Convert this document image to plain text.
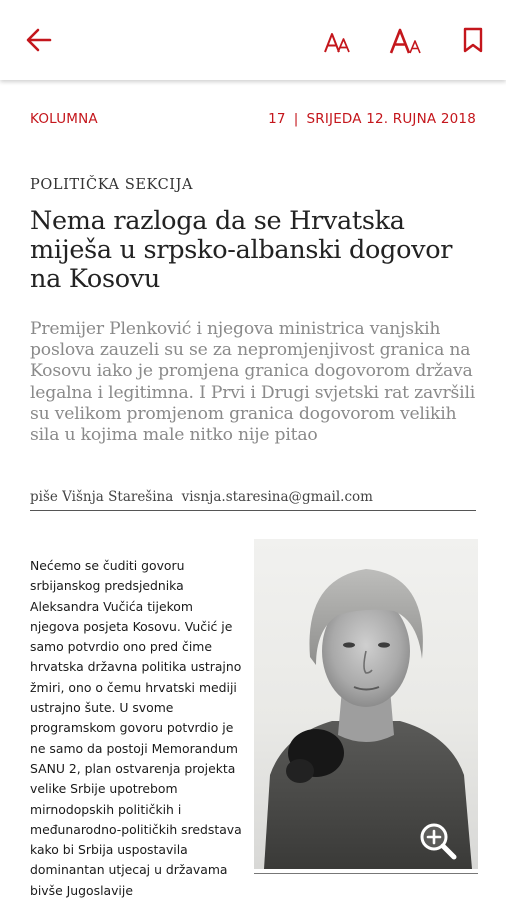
KOLUMNA	17 | SRIJEDA 12. RUJNA 2018
POLITIČKA SEKCIJA
Nema razloga da se Hrvatska miješa u srpsko-albanski dogovor na Kosovu

Premijer Plenković i njegova ministrica vanjskih poslova zauzeli su se za nepromjenjivost granica na Kosovu iako je promjena granica dogovorom država legalna i legitimna. I Prvi i Drugi svjetski rat završili su velikom promjenom granica dogovorom velikih sila u kojima male nitko nije pitao

piše Višnja Starešina visnja.staresina@gmail.com

Nećemo se čuditi govoru srbijanskog predsjednika Aleksandra Vučića tijekom njegova posjeta Kosovu. Vučić je samo potvrdio ono pred čime hrvatska državna politika ustrajno žmiri, ono o čemu hrvatski mediji ustrajno šute. U svome programskom govoru potvrdio je ne samo da postoji Memorandum SANU 2, plan ostvarenja projekta velike Srbije upotrebom mirnodopskih političkih i međunarodno-političkih sredstava kako bi Srbija uspostavila dominantan utjecaj u državama bivše Jugoslavije
